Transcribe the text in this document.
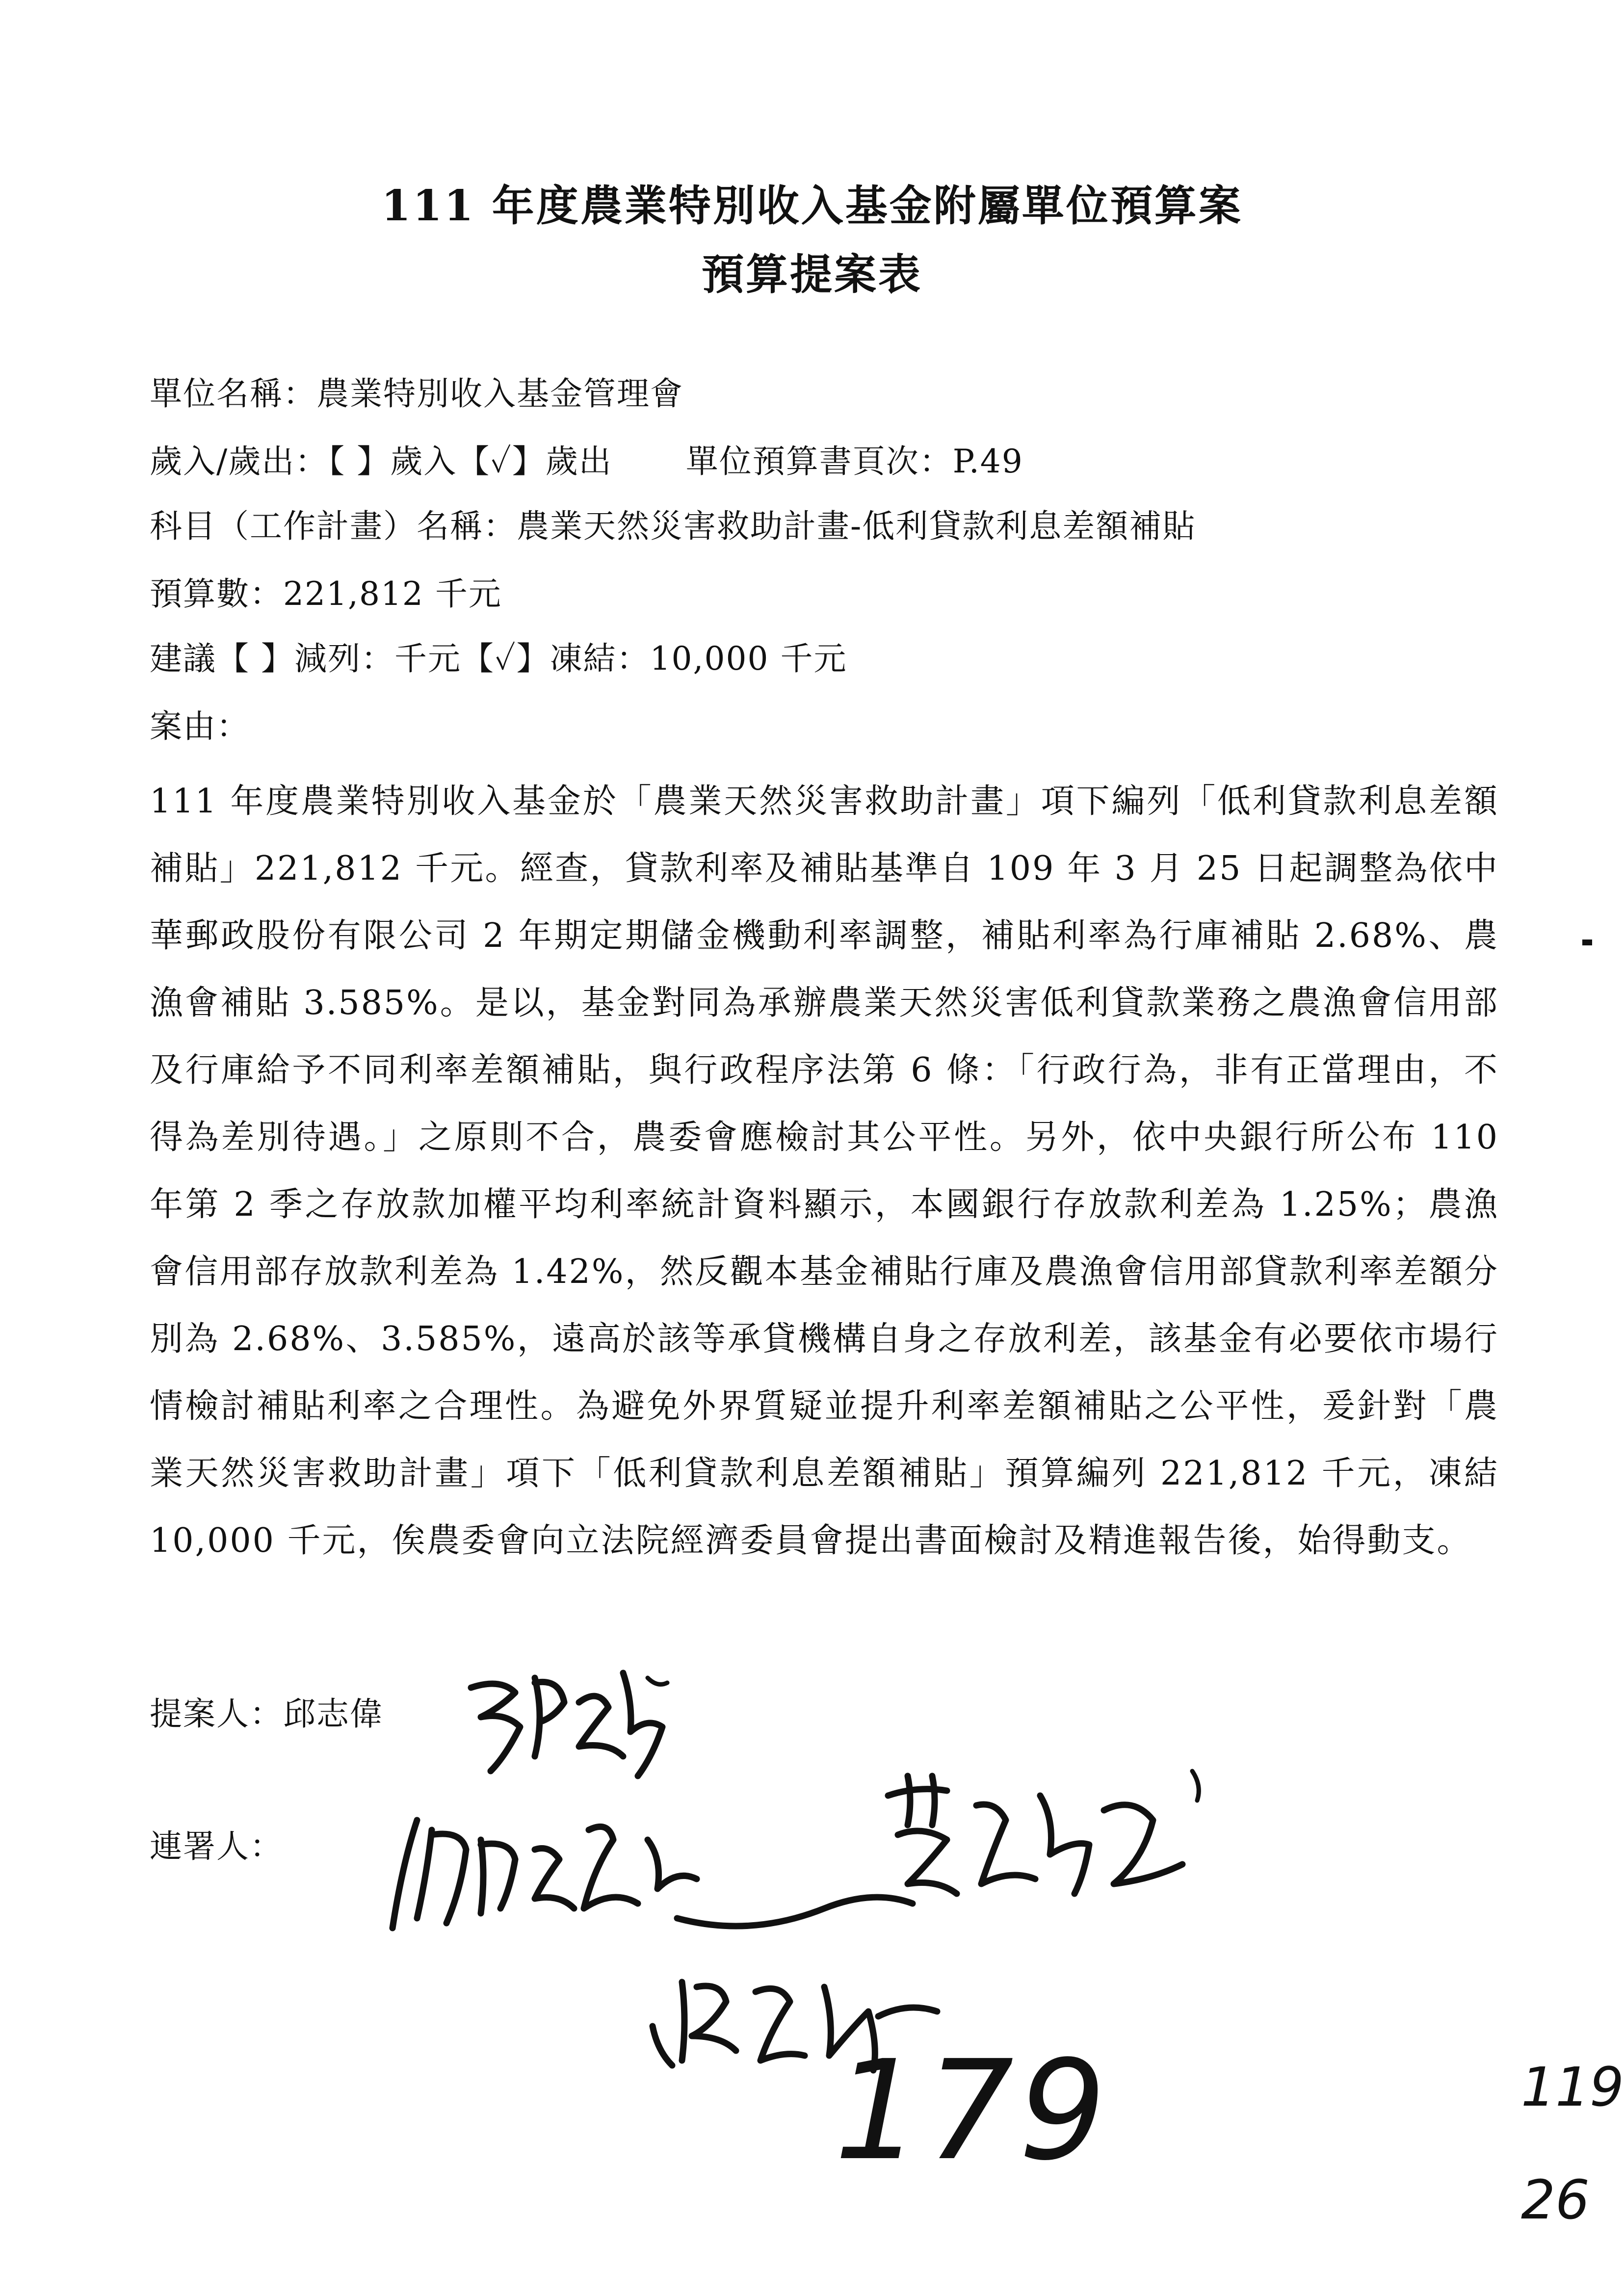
111 年度農業特別收入基金附屬單位預算案
預算提案表

單位名稱：農業特別收入基金管理會

歲入/歲出：【 】歲入【✓】歲出 單位預算書頁次：P.49

科目（工作計畫）名稱：農業天然災害救助計畫-低利貸款利息差額補貼

預算數：221,812 千元

建議【 】減列：千元【✓】凍結：10,000 千元

案由：

111 年度農業特別收入基金於「農業天然災害救助計畫」項下編列「低利貸款利息差額補貼」221,812 千元。經查，貸款利率及補貼基準自 109 年 3 月 25 日起調整為依中華郵政股份有限公司 2 年期定期儲金機動利率調整，補貼利率為行庫補貼 2.68%、農漁會補貼 3.585%。是以，基金對同為承辦農業天然災害低利貸款業務之農漁會信用部及行庫給予不同利率差額補貼，與行政程序法第 6 條：「行政行為，非有正當理由，不得為差別待遇。」之原則不合，農委會應檢討其公平性。另外，依中央銀行所公布 110 年第 2 季之存放款加權平均利率統計資料顯示，本國銀行存放款利差為 1.25%；農漁會信用部存放款利差為 1.42%，然反觀本基金補貼行庫及農漁會信用部貸款利率差額分別為 2.68%、3.585%，遠高於該等承貸機構自身之存放利差，該基金有必要依市場行情檢討補貼利率之合理性。為避免外界質疑並提升利率差額補貼之公平性，爰針對「農業天然災害救助計畫」項下「低利貸款利息差額補貼」預算編列 221,812 千元，凍結 10,000 千元，俟農委會向立法院經濟委員會提出書面檢討及精進報告後，始得動支。

提案人：邱志偉
連署人：
179	119
26
